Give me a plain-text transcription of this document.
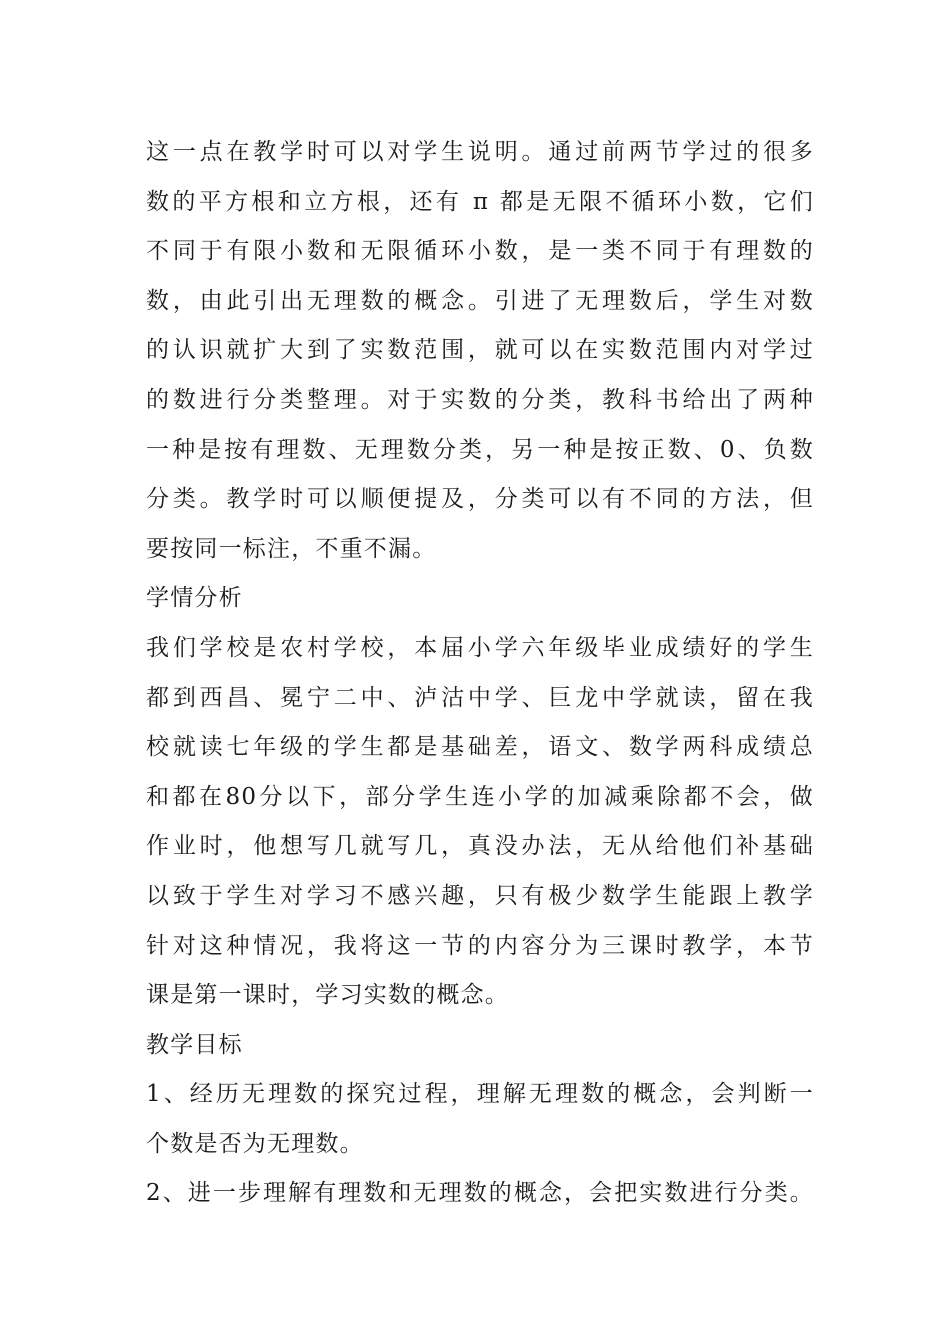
这一点在教学时可以对学生说明。通过前两节学过的很多
数的平方根和立方根，还有 π 都是无限不循环小数，它们
不同于有限小数和无限循环小数，是一类不同于有理数的
数，由此引出无理数的概念。引进了无理数后，学生对数
的认识就扩大到了实数范围，就可以在实数范围内对学过
的数进行分类整理。对于实数的分类，教科书给出了两种
一种是按有理数、无理数分类，另一种是按正数、0、负数
分类。教学时可以顺便提及，分类可以有不同的方法，但
要按同一标注，不重不漏。
学情分析
我们学校是农村学校，本届小学六年级毕业成绩好的学生
都到西昌、冕宁二中、泸沽中学、巨龙中学就读，留在我
校就读七年级的学生都是基础差，语文、数学两科成绩总
和都在80分以下，部分学生连小学的加减乘除都不会，做
作业时，他想写几就写几，真没办法，无从给他们补基础
以致于学生对学习不感兴趣，只有极少数学生能跟上教学
针对这种情况，我将这一节的内容分为三课时教学，本节
课是第一课时，学习实数的概念。
教学目标
1、经历无理数的探究过程，理解无理数的概念，会判断一
个数是否为无理数。
2、进一步理解有理数和无理数的概念，会把实数进行分类。
